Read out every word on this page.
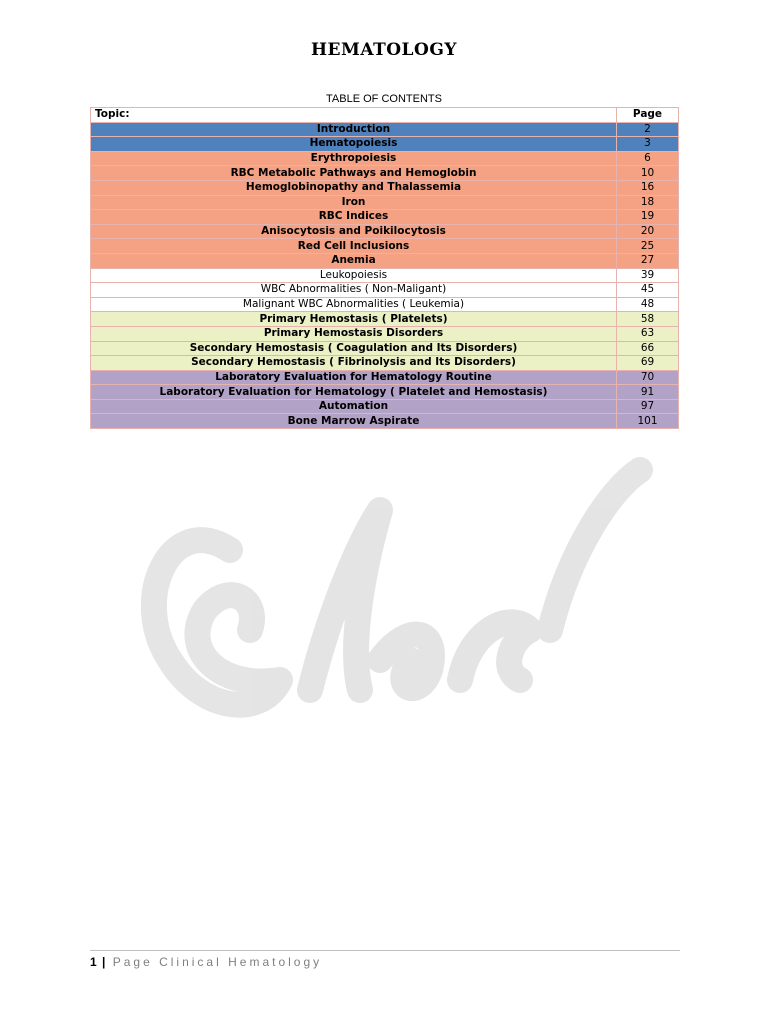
HEMATOLOGY
TABLE OF CONTENTS
Topic:	Page
Introduction	2
Hematopoiesis	3
Erythropoiesis	6
RBC Metabolic Pathways and Hemoglobin	10
Hemoglobinopathy and Thalassemia	16
Iron	18
RBC Indices	19
Anisocytosis and Poikilocytosis	20
Red Cell Inclusions	25
Anemia	27
Leukopoiesis	39
WBC Abnormalities ( Non-Maligant)	45
Malignant WBC Abnormalities ( Leukemia)	48
Primary Hemostasis ( Platelets)	58
Primary Hemostasis Disorders	63
Secondary Hemostasis ( Coagulation and Its Disorders)	66
Secondary Hemostasis ( Fibrinolysis and Its Disorders)	69
Laboratory Evaluation for Hematology Routine	70
Laboratory Evaluation for Hematology ( Platelet and Hemostasis)	91
Automation	97
Bone Marrow Aspirate	101
1 | Page Clinical Hematology
